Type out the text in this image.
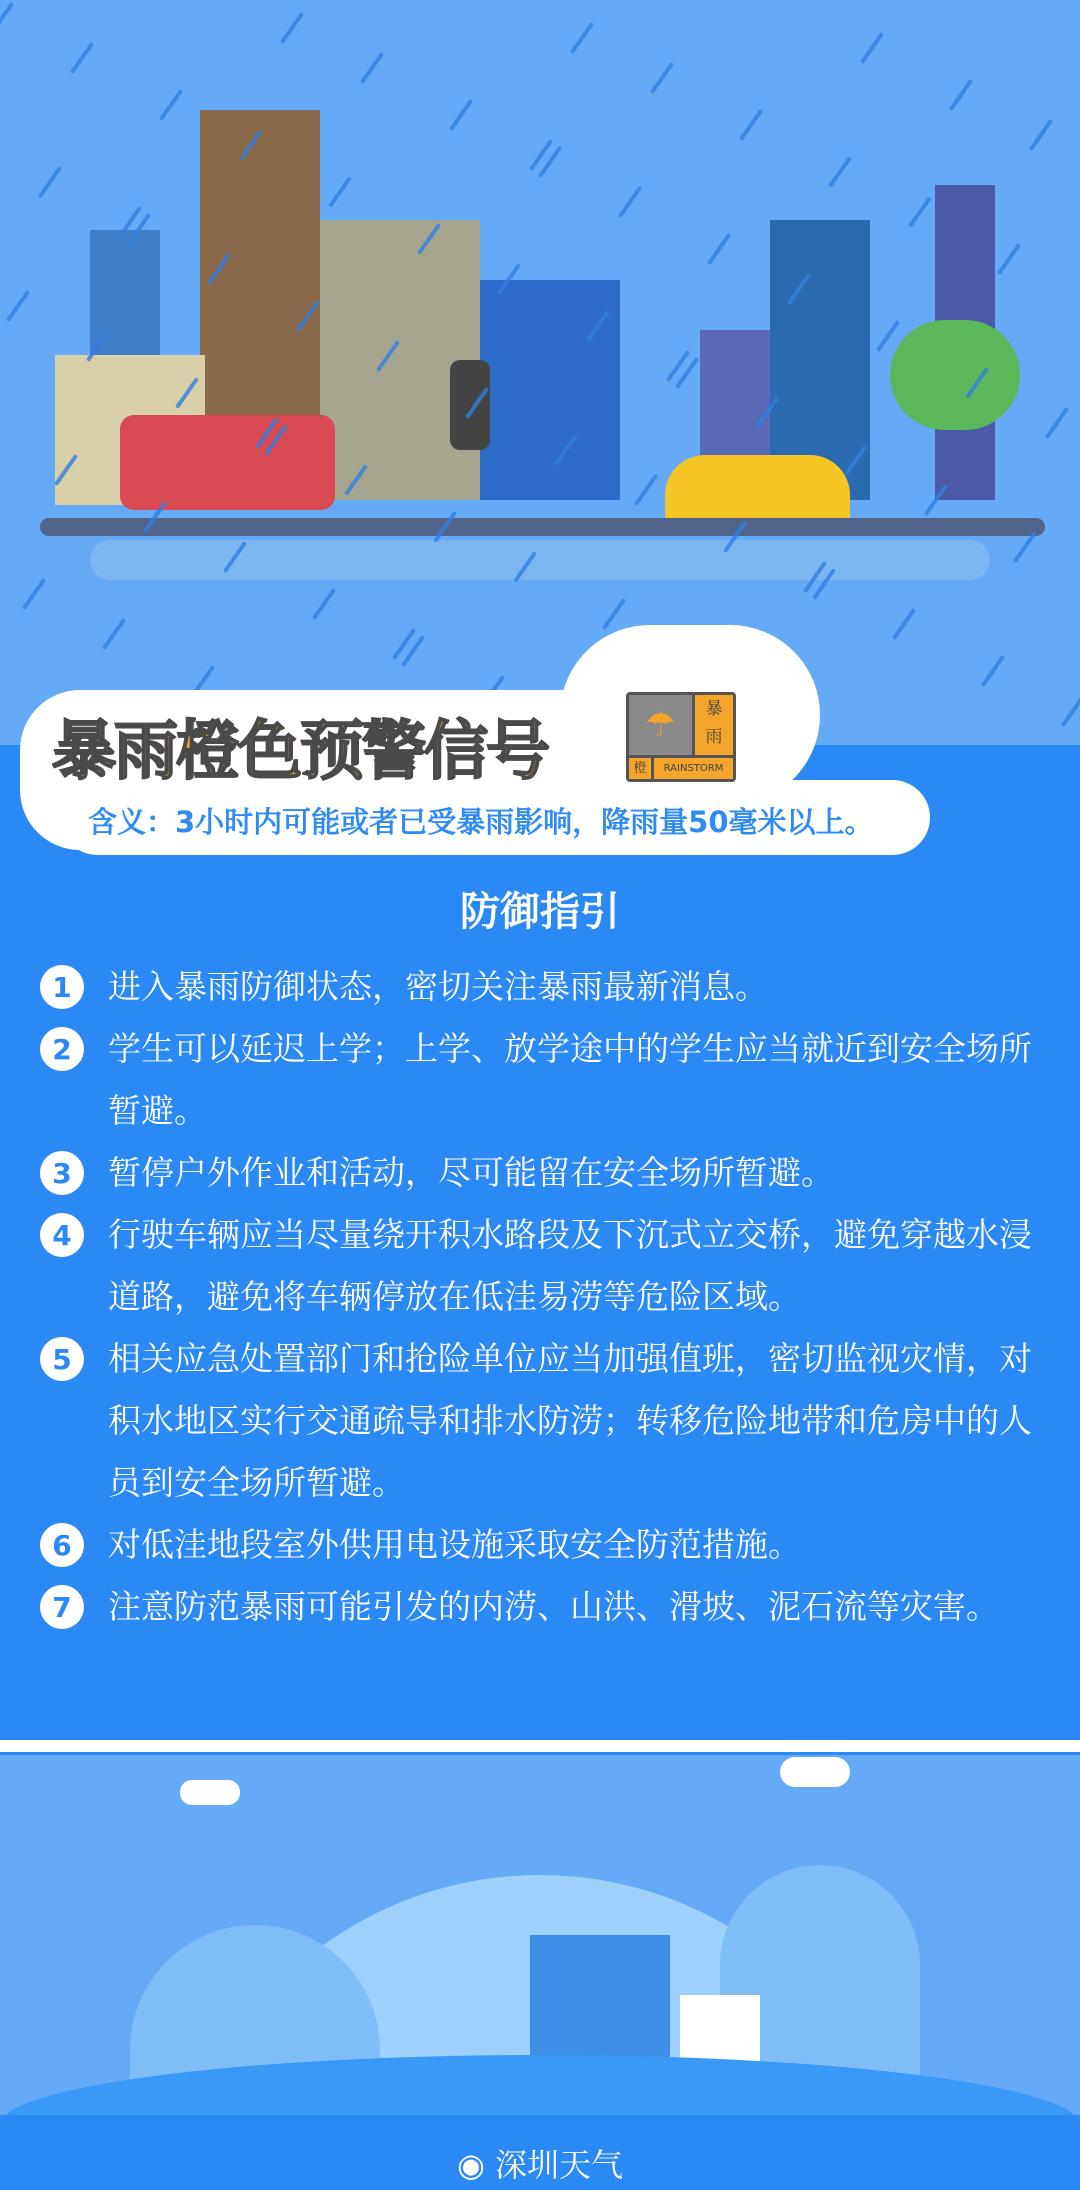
暴雨橙色预警信号	☂	暴
雨
橙	RAINSTORM
含义：3小时内可能或者已受暴雨影响，降雨量50毫米以上。
防御指引
1	进入暴雨防御状态，密切关注暴雨最新消息。
2	学生可以延迟上学；上学、放学途中的学生应当就近到安全场所暂避。
3	暂停户外作业和活动，尽可能留在安全场所暂避。
4	行驶车辆应当尽量绕开积水路段及下沉式立交桥，避免穿越水浸道路，避免将车辆停放在低洼易涝等危险区域。
5	相关应急处置部门和抢险单位应当加强值班，密切监视灾情，对积水地区实行交通疏导和排水防涝；转移危险地带和危房中的人员到安全场所暂避。
6	对低洼地段室外供用电设施采取安全防范措施。
7	注意防范暴雨可能引发的内涝、山洪、滑坡、泥石流等灾害。
◉ 深圳天气
